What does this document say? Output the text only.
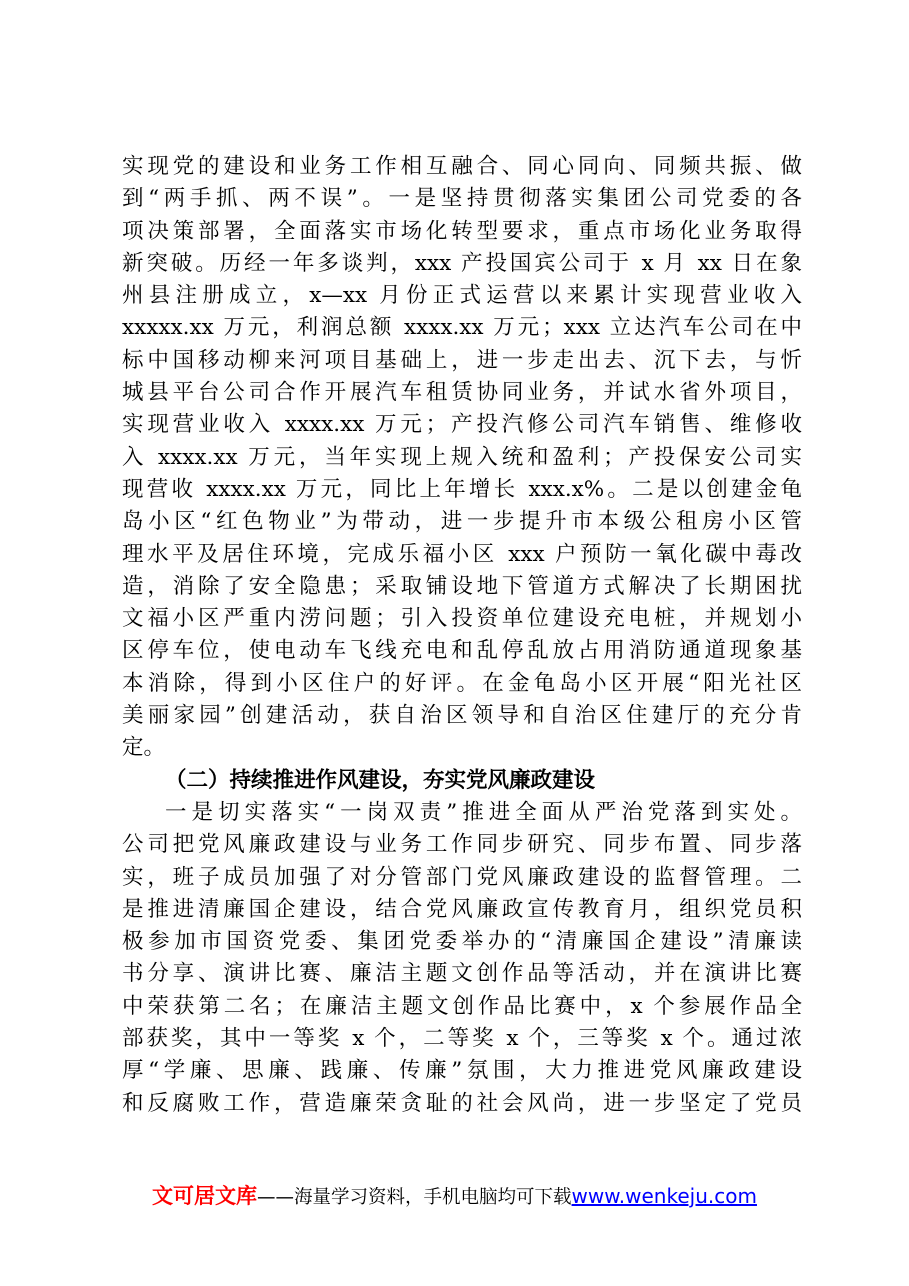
实现党的建设和业务工作相互融合、同心同向、同频共振、做
到“两手抓、两不误”。一是坚持贯彻落实集团公司党委的各
项决策部署，全面落实市场化转型要求，重点市场化业务取得
新突破。历经一年多谈判，xxx 产投国宾公司于 x 月 xx 日在象
州县注册成立，x—xx 月份正式运营以来累计实现营业收入
xxxxx.xx 万元，利润总额 xxxx.xx 万元；xxx 立达汽车公司在中
标中国移动柳来河项目基础上，进一步走出去、沉下去，与忻
城县平台公司合作开展汽车租赁协同业务，并试水省外项目，
实现营业收入 xxxx.xx 万元；产投汽修公司汽车销售、维修收
入 xxxx.xx 万元，当年实现上规入统和盈利；产投保安公司实
现营收 xxxx.xx 万元，同比上年增长 xxx.x%。二是以创建金龟
岛小区“红色物业”为带动，进一步提升市本级公租房小区管
理水平及居住环境，完成乐福小区 xxx 户预防一氧化碳中毒改
造，消除了安全隐患；采取铺设地下管道方式解决了长期困扰
文福小区严重内涝问题；引入投资单位建设充电桩，并规划小
区停车位，使电动车飞线充电和乱停乱放占用消防通道现象基
本消除，得到小区住户的好评。在金龟岛小区开展“阳光社区
美丽家园”创建活动，获自治区领导和自治区住建厅的充分肯
定。
（二）持续推进作风建设，夯实党风廉政建设
一是切实落实“一岗双责”推进全面从严治党落到实处。
公司把党风廉政建设与业务工作同步研究、同步布置、同步落
实，班子成员加强了对分管部门党风廉政建设的监督管理。二
是推进清廉国企建设，结合党风廉政宣传教育月，组织党员积
极参加市国资党委、集团党委举办的“清廉国企建设”清廉读
书分享、演讲比赛、廉洁主题文创作品等活动，并在演讲比赛
中荣获第二名；在廉洁主题文创作品比赛中，x 个参展作品全
部获奖，其中一等奖 x 个，二等奖 x 个，三等奖 x 个。通过浓
厚“学廉、思廉、践廉、传廉”氛围，大力推进党风廉政建设
和反腐败工作，营造廉荣贪耻的社会风尚，进一步坚定了党员
文可居文库——海量学习资料，手机电脑均可下载www.wenkeju.com
